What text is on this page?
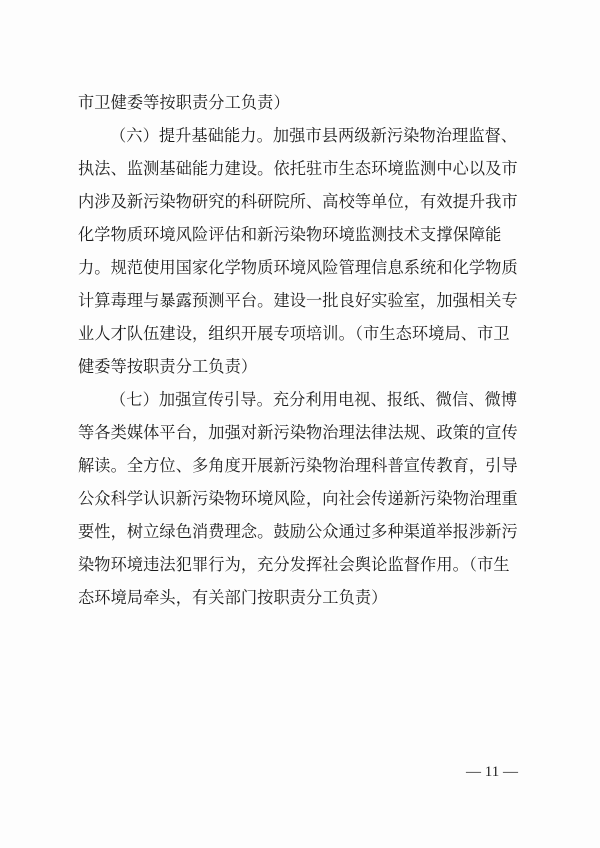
市卫健委等按职责分工负责）
（六）提升基础能力。加强市县两级新污染物治理监督、
执法、监测基础能力建设。依托驻市生态环境监测中心以及市
内涉及新污染物研究的科研院所、高校等单位，有效提升我市
化学物质环境风险评估和新污染物环境监测技术支撑保障能
力。规范使用国家化学物质环境风险管理信息系统和化学物质
计算毒理与暴露预测平台。建设一批良好实验室，加强相关专
业人才队伍建设，组织开展专项培训。（市生态环境局、市卫
健委等按职责分工负责）
（七）加强宣传引导。充分利用电视、报纸、微信、微博
等各类媒体平台，加强对新污染物治理法律法规、政策的宣传
解读。全方位、多角度开展新污染物治理科普宣传教育，引导
公众科学认识新污染物环境风险，向社会传递新污染物治理重
要性，树立绿色消费理念。鼓励公众通过多种渠道举报涉新污
染物环境违法犯罪行为，充分发挥社会舆论监督作用。（市生
态环境局牵头，有关部门按职责分工负责）
— 11 —
